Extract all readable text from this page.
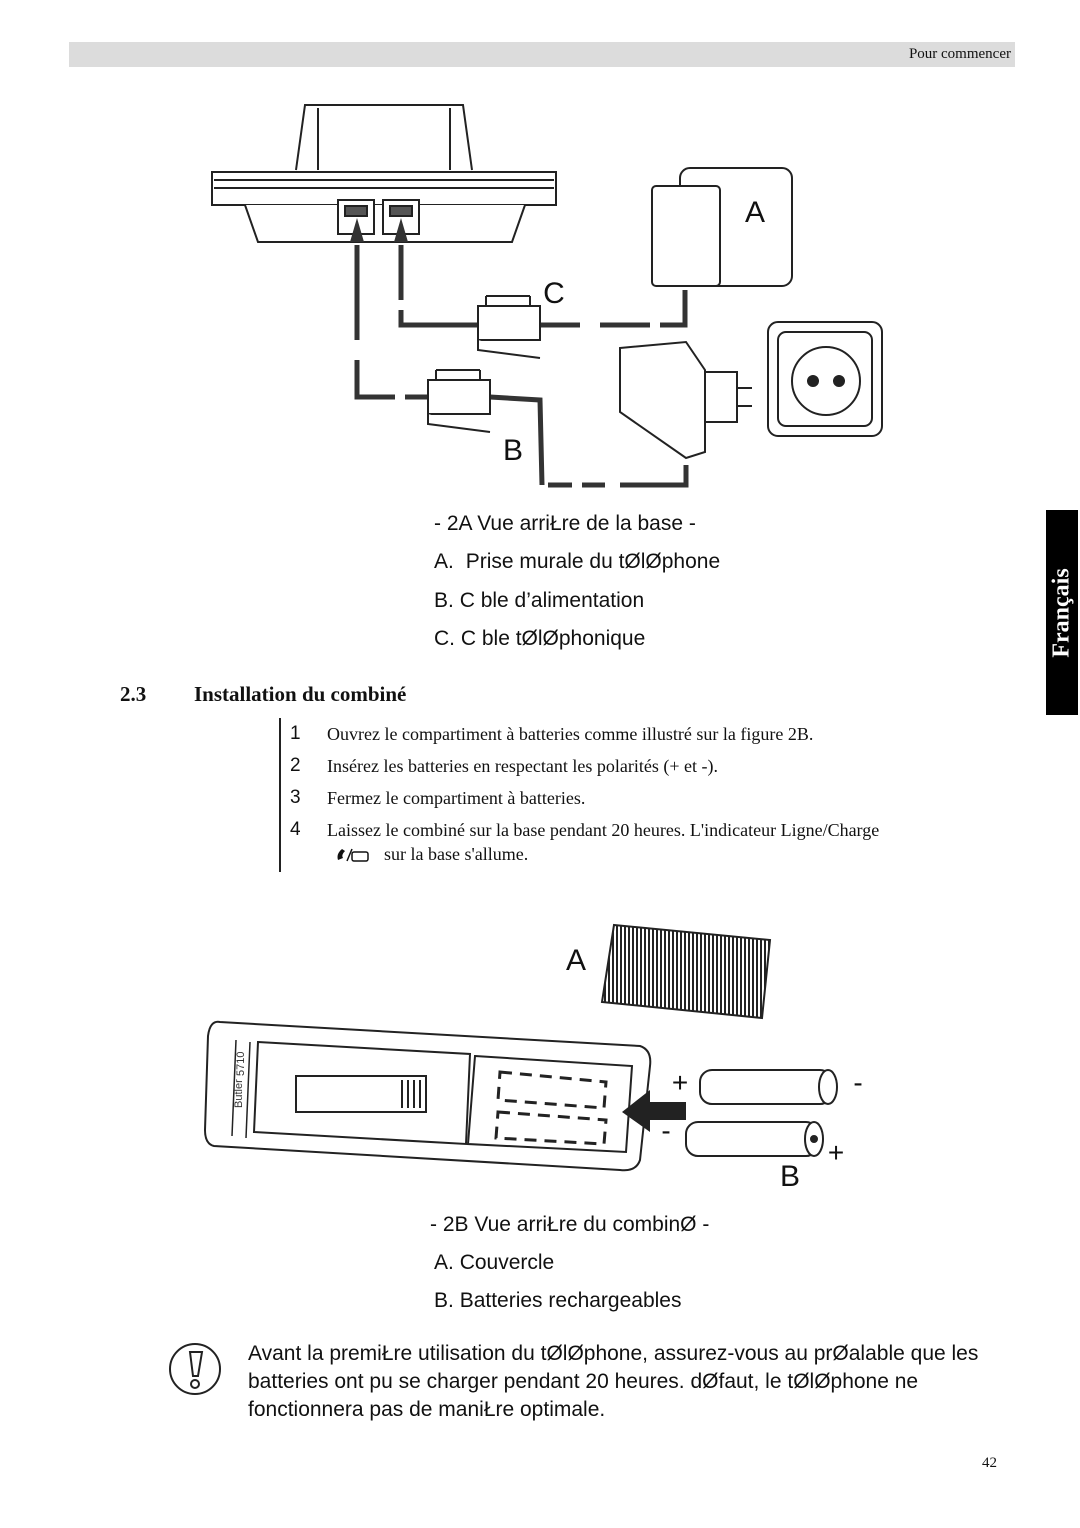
Pour commencer
Français
A
C
B
- 2A Vue arriŁre de la base -
A. Prise murale du tØlØphone
B. C ble d’alimentation
C. C ble tØlØphonique
2.3 Installation du combiné
1 Ouvrez le compartiment à batteries comme illustré sur la figure 2B.
2 Insérez les batteries en respectant les polarités (+ et -).
3 Fermez le compartiment à batteries.
4 Laissez le combiné sur la base pendant 20 heures. L'indicateur Ligne/Charge
sur la base s'allume.
A
+	-
-
+
B
Butler
5710
- 2B Vue arriŁre du combinØ -
A. Couvercle
B. Batteries rechargeables
Avant la premiŁre utilisation du tØlØphone, assurez-vous au prØalable que les
batteries ont pu se charger pendant 20 heures. dØfaut, le tØlØphone ne
fonctionnera pas de maniŁre optimale.
42
